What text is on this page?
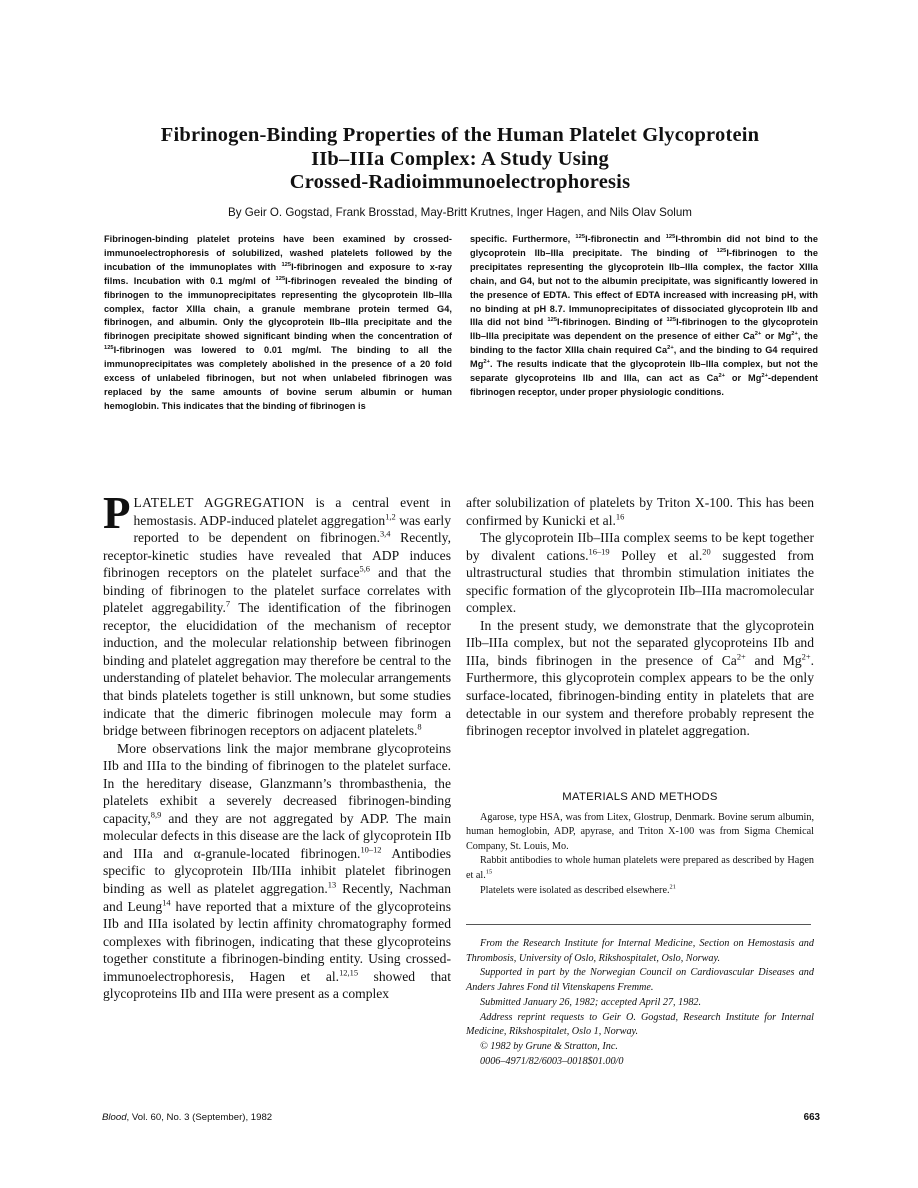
Fibrinogen-Binding Properties of the Human Platelet Glycoprotein
IIb–IIIa Complex: A Study Using
Crossed-Radioimmunoelectrophoresis
By Geir O. Gogstad, Frank Brosstad, May-Britt Krutnes, Inger Hagen, and Nils Olav Solum
Fibrinogen-binding platelet proteins have been examined by crossed-immunoelectrophoresis of solubilized, washed platelets followed by the incubation of the immunoplates with $^{125}$I-fibrinogen and exposure to x-ray films. Incubation with 0.1 mg/ml of $^{125}$I-fibrinogen revealed the binding of fibrinogen to the immunoprecipitates representing the glycoprotein IIb–IIIa complex, factor XIIIa chain, a granule membrane protein termed G4, fibrinogen, and albumin. Only the glycoprotein IIb–IIIa precipitate and the fibrinogen precipitate showed significant binding when the concentration of $^{125}$I-fibrinogen was lowered to 0.01 mg/ml. The binding to all the immunoprecipitates was completely abolished in the presence of a 20 fold excess of unlabeled fibrinogen, but not when unlabeled fibrinogen was replaced by the same amounts of bovine serum albumin or human hemoglobin. This indicates that the binding of fibrinogen is
specific. Furthermore, $^{125}$I-fibronectin and $^{125}$I-thrombin did not bind to the glycoprotein IIb–IIIa precipitate. The binding of $^{125}$I-fibrinogen to the precipitates representing the glycoprotein IIb–IIIa complex, the factor XIIIa chain, and G4, but not to the albumin precipitate, was significantly lowered in the presence of EDTA. This effect of EDTA increased with increasing pH, with no binding at pH 8.7. Immunoprecipitates of dissociated glycoprotein IIb and IIIa did not bind $^{125}$I-fibrinogen. Binding of $^{125}$I-fibrinogen to the glycoprotein IIb–IIIa precipitate was dependent on the presence of either $Ca^{2+}$ or $Mg^{2+}$, the binding to the factor XIIIa chain required $Ca^{2+}$, and the binding to G4 required $Mg^{2+}$. The results indicate that the glycoprotein IIb–IIIa complex, but not the separate glycoproteins IIb and IIIa, can act as $Ca^{2+}$ or $Mg^{2+}$-dependent fibrinogen receptor, under proper physiologic conditions.

PLATELET AGGREGATION is a central event in hemostasis. ADP-induced platelet aggregation$^{1,2}$ was early reported to be dependent on fibrinogen.$^{3,4}$ Recently, receptor-kinetic studies have revealed that ADP induces fibrinogen receptors on the platelet surface$^{5,6}$ and that the binding of fibrinogen to the platelet surface correlates with platelet aggregability.$^7$ The identification of the fibrinogen receptor, the elucididation of the mechanism of receptor induction, and the molecular relationship between fibrinogen binding and platelet aggregation may therefore be central to the understanding of platelet behavior. The molecular arrangements that binds platelets together is still unknown, but some studies indicate that the dimeric fibrinogen molecule may form a bridge between fibrinogen receptors on adjacent platelets.$^8$

More observations link the major membrane glycoproteins IIb and IIIa to the binding of fibrinogen to the platelet surface. In the hereditary disease, Glanzmann’s thrombasthenia, the platelets exhibit a severely decreased fibrinogen-binding capacity,$^{8,9}$ and they are not aggregated by ADP. The main molecular defects in this disease are the lack of glycoprotein IIb and IIIa and α-granule-located fibrinogen.$^{10-12}$ Antibodies specific to glycoprotein IIb/IIIa inhibit platelet fibrinogen binding as well as platelet aggregation.$^{13}$ Recently, Nachman and Leung$^{14}$ have reported that a mixture of the glycoproteins IIb and IIIa isolated by lectin affinity chromatography formed complexes with fibrinogen, indicating that these glycoproteins together constitute a fibrinogen-binding entity. Using crossed-immunoelectrophoresis, Hagen et al.$^{12,15}$ showed that glycoproteins IIb and IIIa were present as a complex

after solubilization of platelets by Triton X-100. This has been confirmed by Kunicki et al.$^{16}$

The glycoprotein IIb–IIIa complex seems to be kept together by divalent cations.$^{16-19}$ Polley et al.$^{20}$ suggested from ultrastructural studies that thrombin stimulation initiates the specific formation of the glycoprotein IIb–IIIa macromolecular complex.

In the present study, we demonstrate that the glycoprotein IIb–IIIa complex, but not the separated glycoproteins IIb and IIIa, binds fibrinogen in the presence of $Ca^{2+}$ and $Mg^{2+}$. Furthermore, this glycoprotein complex appears to be the only surface-located, fibrinogen-binding entity in platelets that are detectable in our system and therefore probably represent the fibrinogen receptor involved in platelet aggregation.

MATERIALS AND METHODS

Agarose, type HSA, was from Litex, Glostrup, Denmark. Bovine serum albumin, human hemoglobin, ADP, apyrase, and Triton X-100 was from Sigma Chemical Company, St. Louis, Mo.

Rabbit antibodies to whole human platelets were prepared as described by Hagen et al.$^{15}$

Platelets were isolated as described elsewhere.$^{21}$

From the Research Institute for Internal Medicine, Section on Hemostasis and Thrombosis, University of Oslo, Rikshospitalet, Oslo, Norway.

Supported in part by the Norwegian Council on Cardiovascular Diseases and Anders Jahres Fond til Vitenskapens Fremme.

Submitted January 26, 1982; accepted April 27, 1982.

Address reprint requests to Geir O. Gogstad, Research Institute for Internal Medicine, Rikshospitalet, Oslo 1, Norway.

© 1982 by Grune & Stratton, Inc.

0006–4971/82/6003–0018$01.00/0

Blood, Vol. 60, No. 3 (September), 1982	663
